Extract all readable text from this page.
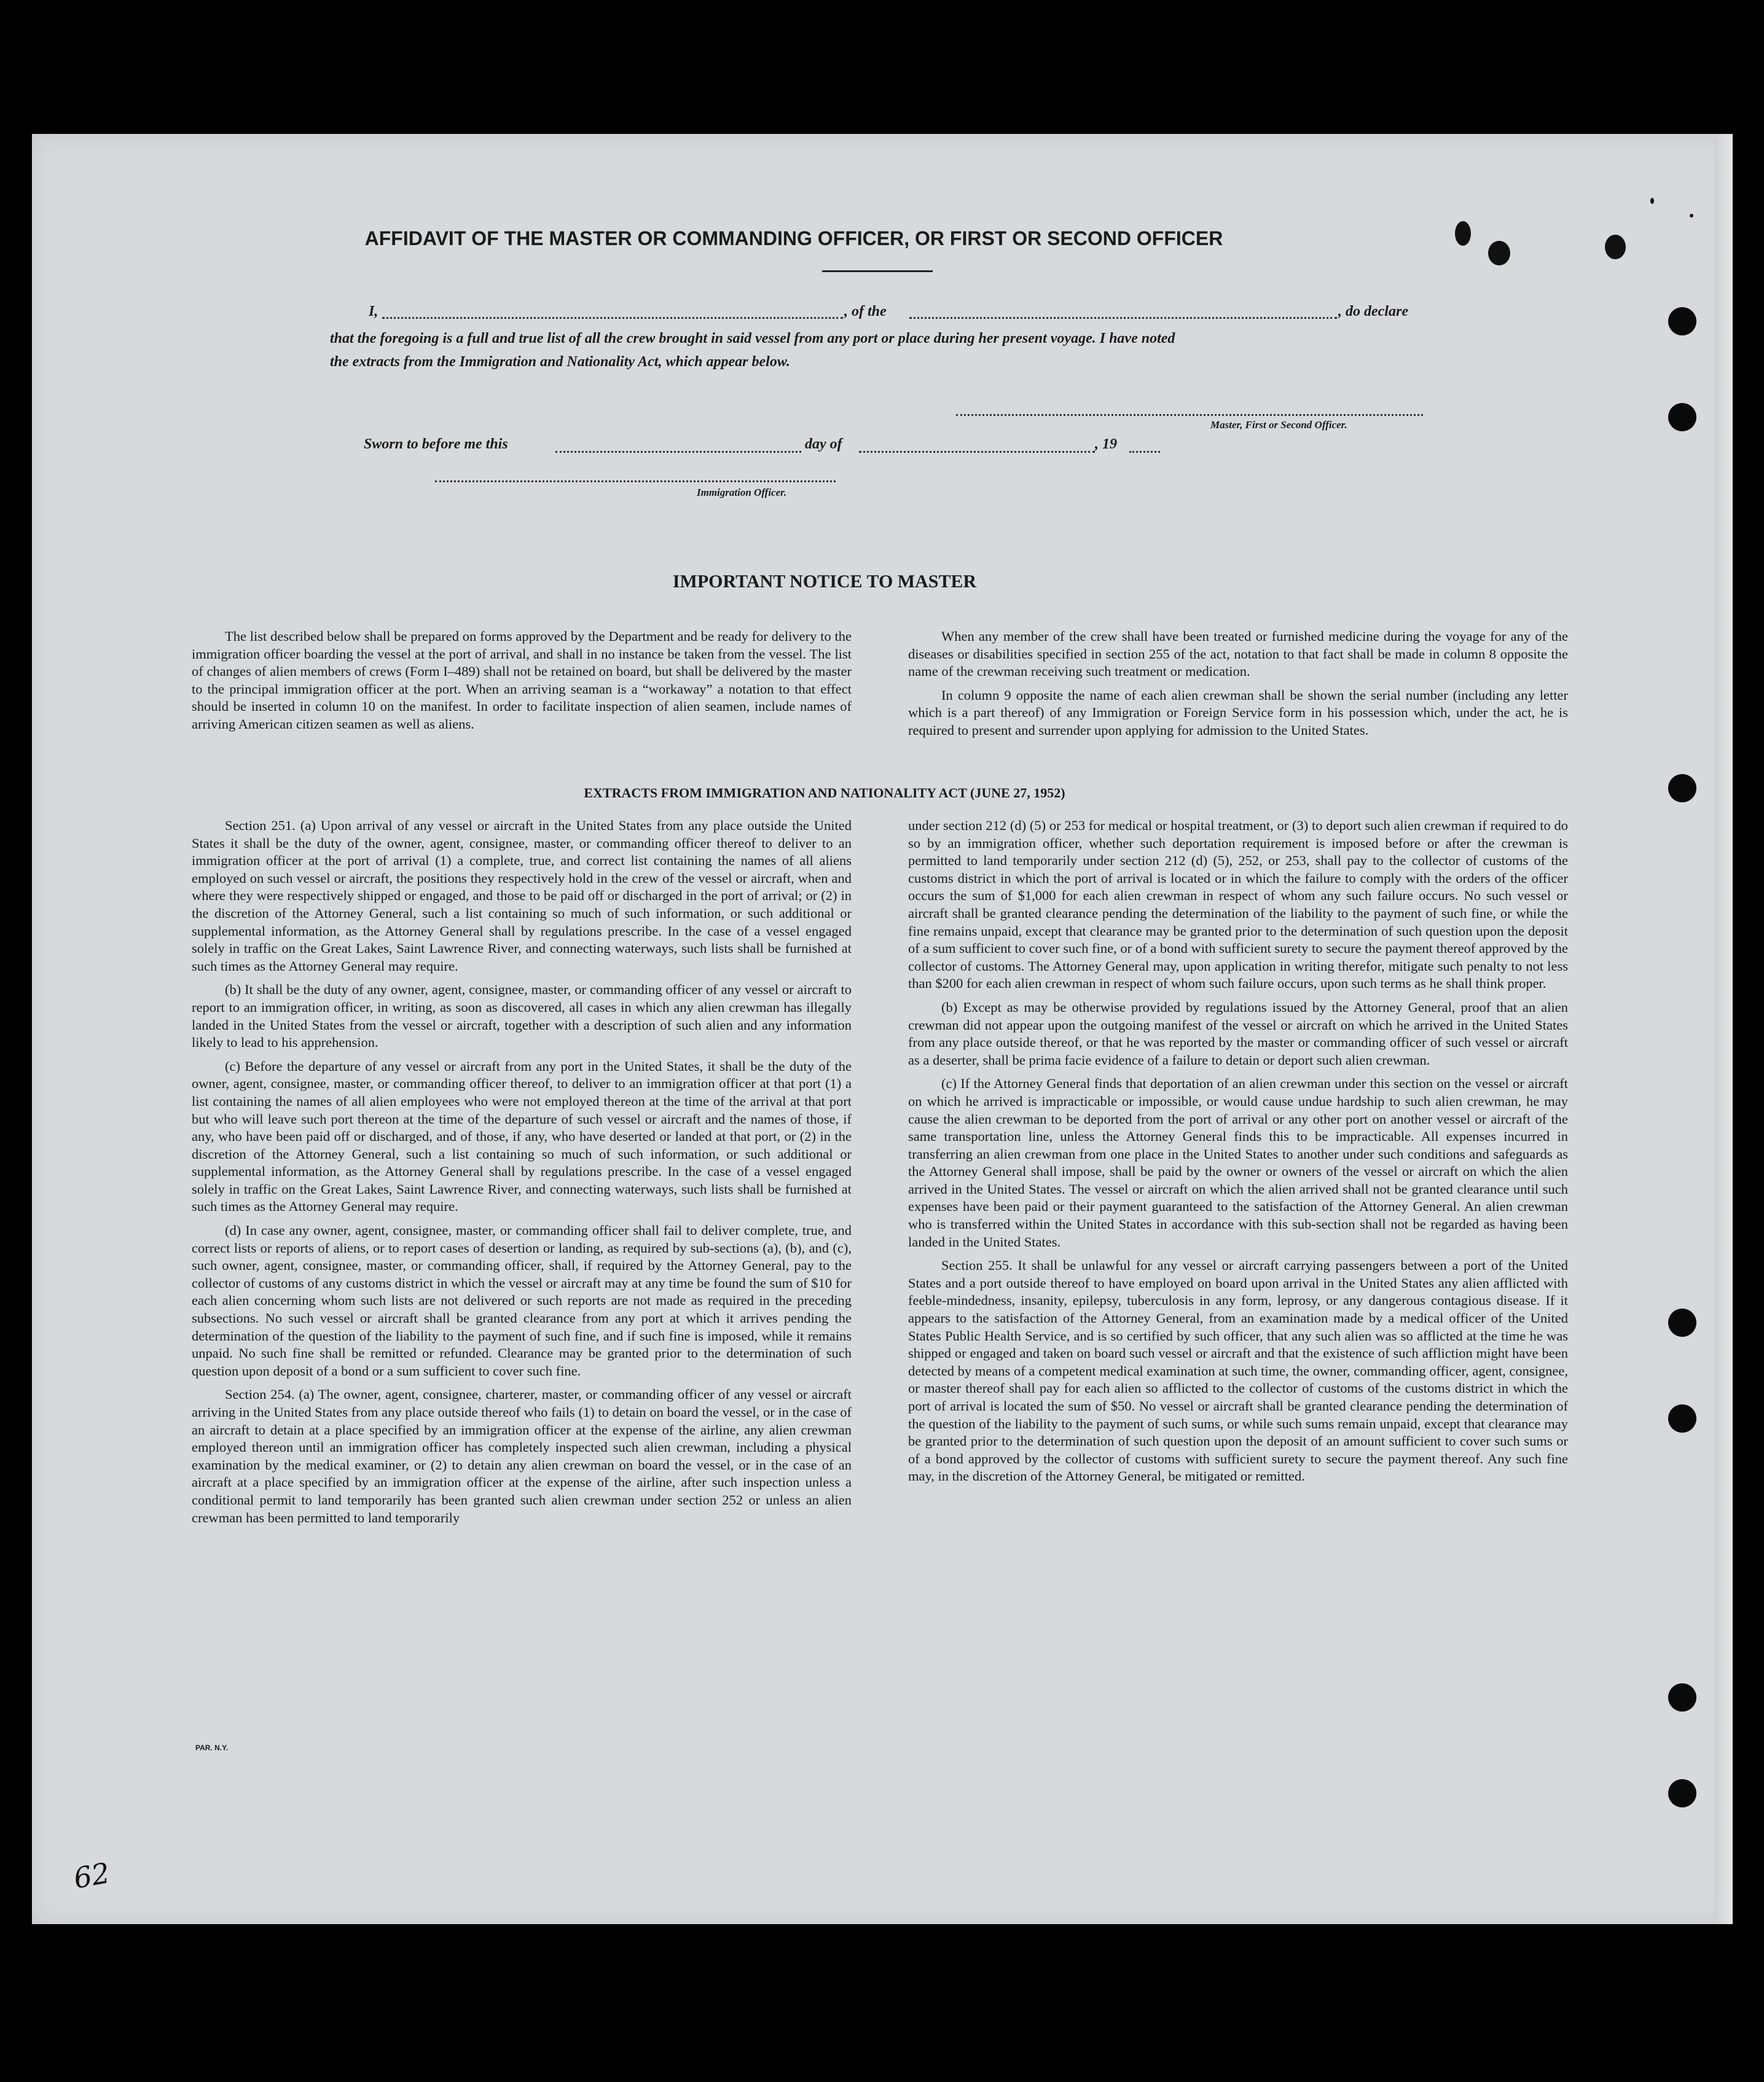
AFFIDAVIT OF THE MASTER OR COMMANDING OFFICER, OR FIRST OR SECOND OFFICER
I,	, of the	, do declare
that the foregoing is a full and true list of all the crew brought in said vessel from any port or place during her present voyage. I have noted
the extracts from the Immigration and Nationality Act, which appear below.
Master, First or Second Officer.
Sworn to before me this	day of	, 19
Immigration Officer.
IMPORTANT NOTICE TO MASTER

The list described below shall be prepared on forms approved by the Department and be ready for delivery to the immigration officer boarding the vessel at the port of arrival, and shall in no instance be taken from the vessel. The list of changes of alien members of crews (Form I–489) shall not be retained on board, but shall be delivered by the master to the principal immigration officer at the port. When an arriving seaman is a “workaway” a notation to that effect should be inserted in column 10 on the manifest. In order to facilitate inspection of alien seamen, include names of arriving American citizen seamen as well as aliens.

When any member of the crew shall have been treated or furnished medicine during the voyage for any of the diseases or disabilities specified in section 255 of the act, notation to that fact shall be made in column 8 opposite the name of the crewman receiving such treatment or medication.

In column 9 opposite the name of each alien crewman shall be shown the serial number (including any letter which is a part thereof) of any Immigration or Foreign Service form in his possession which, under the act, he is required to present and surrender upon applying for admission to the United States.

EXTRACTS FROM IMMIGRATION AND NATIONALITY ACT (JUNE 27, 1952)

Section 251. (a) Upon arrival of any vessel or aircraft in the United States from any place outside the United States it shall be the duty of the owner, agent, consignee, master, or commanding officer thereof to deliver to an immigration officer at the port of arrival (1) a complete, true, and correct list containing the names of all aliens employed on such vessel or aircraft, the positions they respectively hold in the crew of the vessel or aircraft, when and where they were respectively shipped or engaged, and those to be paid off or discharged in the port of arrival; or (2) in the discretion of the Attorney General, such a list containing so much of such information, or such additional or supplemental information, as the Attorney General shall by regulations prescribe. In the case of a vessel engaged solely in traffic on the Great Lakes, Saint Lawrence River, and connecting waterways, such lists shall be furnished at such times as the Attorney General may require.

(b) It shall be the duty of any owner, agent, consignee, master, or commanding officer of any vessel or aircraft to report to an immigration officer, in writing, as soon as discovered, all cases in which any alien crewman has illegally landed in the United States from the vessel or aircraft, together with a description of such alien and any information likely to lead to his apprehension.

(c) Before the departure of any vessel or aircraft from any port in the United States, it shall be the duty of the owner, agent, consignee, master, or commanding officer thereof, to deliver to an immigration officer at that port (1) a list containing the names of all alien employees who were not employed thereon at the time of the arrival at that port but who will leave such port thereon at the time of the departure of such vessel or aircraft and the names of those, if any, who have been paid off or discharged, and of those, if any, who have deserted or landed at that port, or (2) in the discretion of the Attorney General, such a list containing so much of such information, or such additional or supplemental information, as the Attorney General shall by regulations prescribe. In the case of a vessel engaged solely in traffic on the Great Lakes, Saint Lawrence River, and connecting waterways, such lists shall be furnished at such times as the Attorney General may require.

(d) In case any owner, agent, consignee, master, or commanding officer shall fail to deliver complete, true, and correct lists or reports of aliens, or to report cases of desertion or landing, as required by sub-sections (a), (b), and (c), such owner, agent, consignee, master, or commanding officer, shall, if required by the Attorney General, pay to the collector of customs of any customs district in which the vessel or aircraft may at any time be found the sum of $10 for each alien concerning whom such lists are not delivered or such reports are not made as required in the preceding subsections. No such vessel or aircraft shall be granted clearance from any port at which it arrives pending the determination of the question of the liability to the payment of such fine, and if such fine is imposed, while it remains unpaid. No such fine shall be remitted or refunded. Clearance may be granted prior to the determination of such question upon deposit of a bond or a sum sufficient to cover such fine.

Section 254. (a) The owner, agent, consignee, charterer, master, or commanding officer of any vessel or aircraft arriving in the United States from any place outside thereof who fails (1) to detain on board the vessel, or in the case of an aircraft to detain at a place specified by an immigration officer at the expense of the airline, any alien crewman employed thereon until an immigration officer has completely inspected such alien crewman, including a physical examination by the medical examiner, or (2) to detain any alien crewman on board the vessel, or in the case of an aircraft at a place specified by an immigration officer at the expense of the airline, after such inspection unless a conditional permit to land temporarily has been granted such alien crewman under section 252 or unless an alien crewman has been permitted to land temporarily

under section 212 (d) (5) or 253 for medical or hospital treatment, or (3) to deport such alien crewman if required to do so by an immigration officer, whether such deportation requirement is imposed before or after the crewman is permitted to land temporarily under section 212 (d) (5), 252, or 253, shall pay to the collector of customs of the customs district in which the port of arrival is located or in which the failure to comply with the orders of the officer occurs the sum of $1,000 for each alien crewman in respect of whom any such failure occurs. No such vessel or aircraft shall be granted clearance pending the determination of the liability to the payment of such fine, or while the fine remains unpaid, except that clearance may be granted prior to the determination of such question upon the deposit of a sum sufficient to cover such fine, or of a bond with sufficient surety to secure the payment thereof approved by the collector of customs. The Attorney General may, upon application in writing therefor, mitigate such penalty to not less than $200 for each alien crewman in respect of whom such failure occurs, upon such terms as he shall think proper.

(b) Except as may be otherwise provided by regulations issued by the Attorney General, proof that an alien crewman did not appear upon the outgoing manifest of the vessel or aircraft on which he arrived in the United States from any place outside thereof, or that he was reported by the master or commanding officer of such vessel or aircraft as a deserter, shall be prima facie evidence of a failure to detain or deport such alien crewman.

(c) If the Attorney General finds that deportation of an alien crewman under this section on the vessel or aircraft on which he arrived is impracticable or impossible, or would cause undue hardship to such alien crewman, he may cause the alien crewman to be deported from the port of arrival or any other port on another vessel or aircraft of the same transportation line, unless the Attorney General finds this to be impracticable. All expenses incurred in transferring an alien crewman from one place in the United States to another under such conditions and safeguards as the Attorney General shall impose, shall be paid by the owner or owners of the vessel or aircraft on which the alien arrived in the United States. The vessel or aircraft on which the alien arrived shall not be granted clearance until such expenses have been paid or their payment guaranteed to the satisfaction of the Attorney General. An alien crewman who is transferred within the United States in accordance with this sub-section shall not be regarded as having been landed in the United States.

Section 255. It shall be unlawful for any vessel or aircraft carrying passengers between a port of the United States and a port outside thereof to have employed on board upon arrival in the United States any alien afflicted with feeble-mindedness, insanity, epilepsy, tuberculosis in any form, leprosy, or any dangerous contagious disease. If it appears to the satisfaction of the Attorney General, from an examination made by a medical officer of the United States Public Health Service, and is so certified by such officer, that any such alien was so afflicted at the time he was shipped or engaged and taken on board such vessel or aircraft and that the existence of such affliction might have been detected by means of a competent medical examination at such time, the owner, commanding officer, agent, consignee, or master thereof shall pay for each alien so afflicted to the collector of customs of the customs district in which the port of arrival is located the sum of $50. No vessel or aircraft shall be granted clearance pending the determination of the question of the liability to the payment of such sums, or while such sums remain unpaid, except that clearance may be granted prior to the determination of such question upon the deposit of an amount sufficient to cover such sums or of a bond approved by the collector of customs with sufficient surety to secure the payment thereof. Any such fine may, in the discretion of the Attorney General, be mitigated or remitted.

PAR. N.Y.
62
